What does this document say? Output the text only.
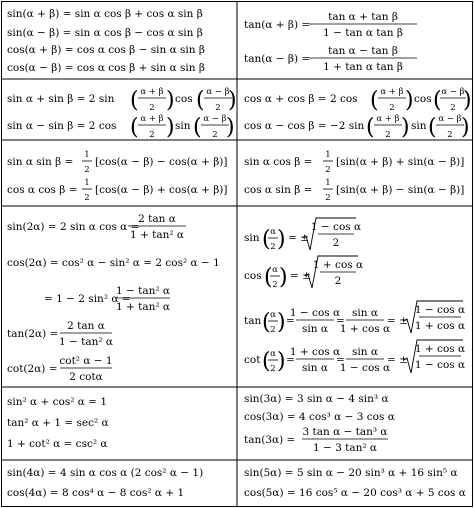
sin(α + β) = sin α cos β + cos α sin β
sin(α − β) = sin α cos β − cos α sin β
cos(α + β) = cos α cos β − sin α sin β
cos(α − β) = cos α cos β + sin α sin β
tan(α + β) =
tan α + tan β
1 − tan α tan β
tan(α − β) =
tan α − tan β
1 + tan α tan β
sin α + sin β = 2 sin ( α + β
2 ) cos ( α − β
2 )
sin α − sin β = 2 cos ( α + β
2 ) sin ( α − β
2 )
cos α + cos β = 2 cos ( α + β
2 ) cos ( α − β
2 )
cos α − cos β = −2 sin ( α + β
2 ) sin ( α − β
2 )
sin α sin β =
1
2
[cos(α − β) − cos(α + β)]
cos α cos β =
1
2
[cos(α − β) + cos(α + β)]
sin α cos β =
1
2
[sin(α + β) + sin(α − β)]
cos α sin β =
1
2
[sin(α + β) − sin(α − β)]
sin(2α) = 2 sin α cos α =
2 tan α
1 + tan² α
cos(2α) = cos² α − sin² α = 2 cos² α − 1
= 1 − 2 sin² α =
1 − tan² α
1 + tan² α
tan(2α) =
2 tan α
1 − tan² α
cot(2α) =
cot² α − 1
2 cotα
sin ( α
2 ) = ±
1 − cos α
2
cos ( α
2 ) = ±
1 + cos α
2
tan ( α
2 ) =
1 − cos α
sin α
=
sin α
1 + cos α
= ±
1 − cos α
1 + cos α
cot ( α
2 ) =
1 + cos α
sin α
=
sin α
1 − cos α
= ±
1 + cos α
1 − cos α
sin² α + cos² α = 1
tan² α + 1 = sec² α
1 + cot² α = csc² α
sin(3α) = 3 sin α − 4 sin³ α
cos(3α) = 4 cos³ α − 3 cos α
tan(3α) =
3 tan α − tan³ α
1 − 3 tan² α
sin(4α) = 4 sin α cos α (2 cos² α − 1)
cos(4α) = 8 cos⁴ α − 8 cos² α + 1
sin(5α) = 5 sin α − 20 sin³ α + 16 sin⁵ α
cos(5α) = 16 cos⁵ α − 20 cos³ α + 5 cos α
